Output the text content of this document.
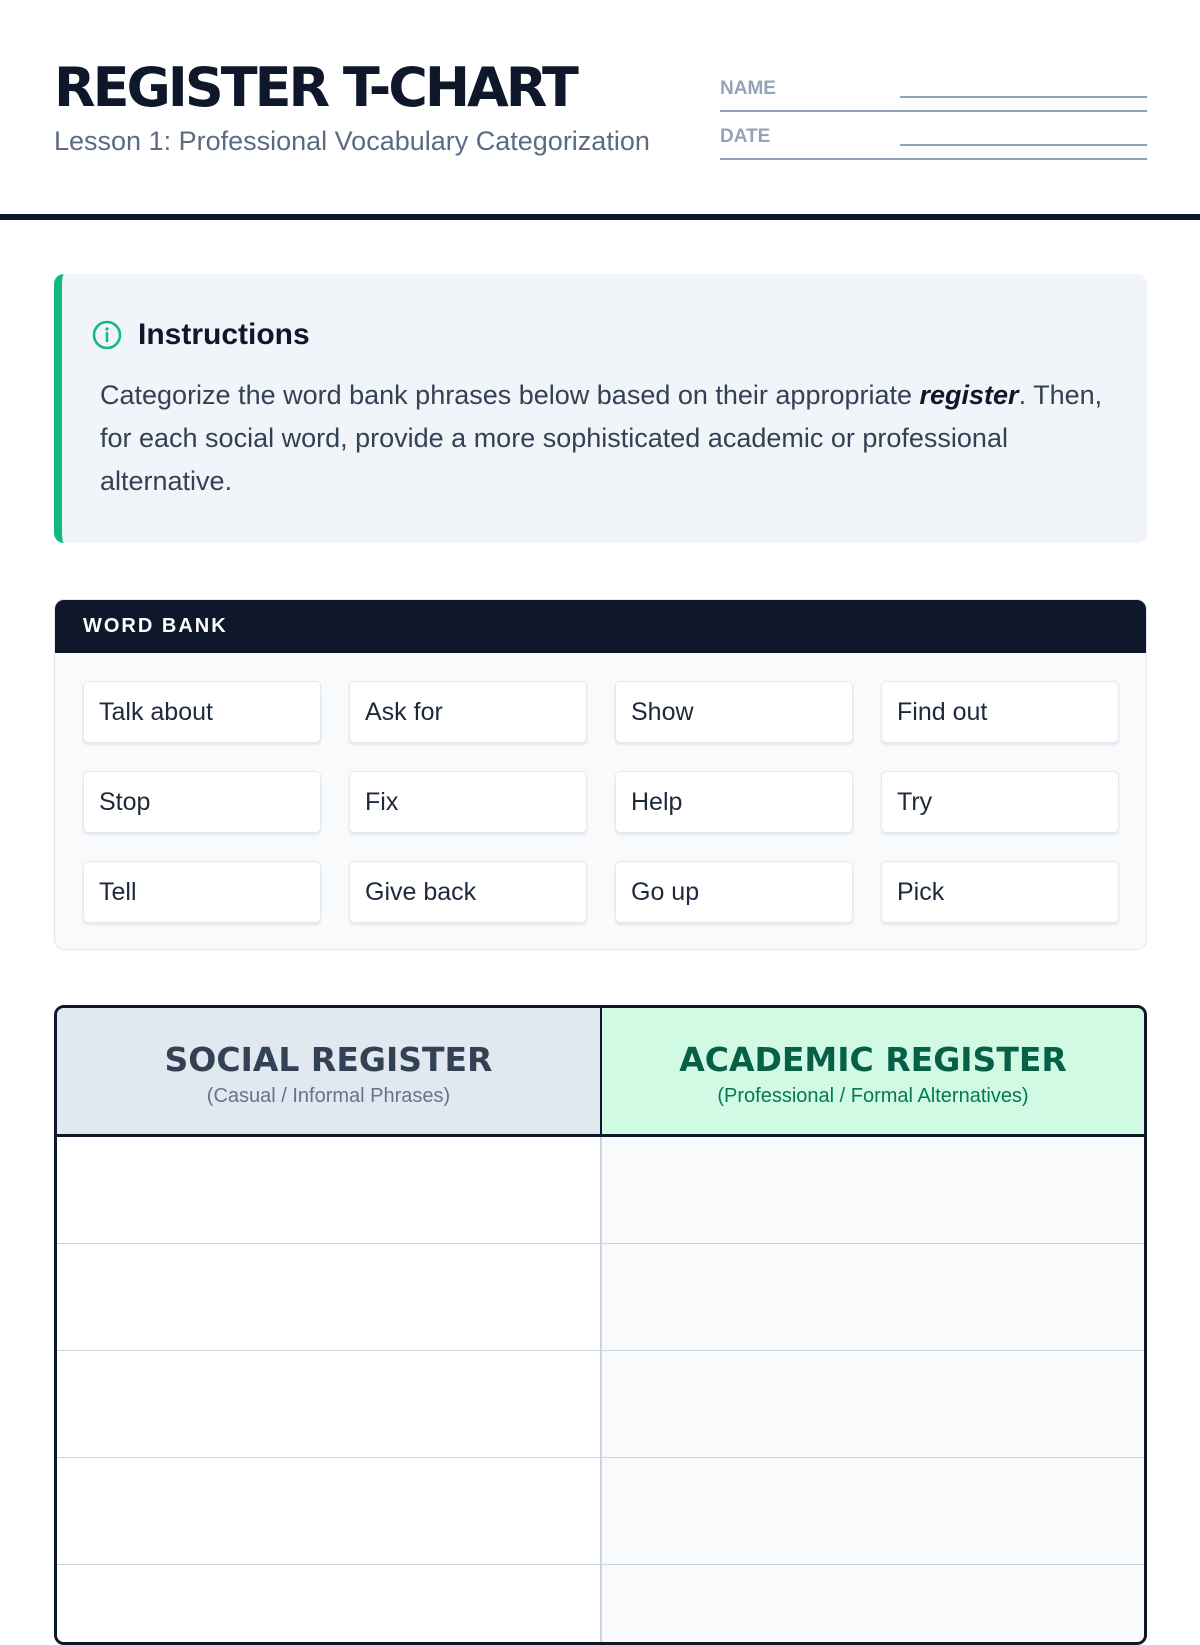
REGISTER T-CHART
Lesson 1: Professional Vocabulary Categorization
NAME
DATE
Instructions
Categorize the word bank phrases below based on their appropriate register. Then, for each social word, provide a more sophisticated academic or professional alternative.
WORD BANK
Talk about	Ask for	Show	Find out
Stop	Fix	Help	Try
Tell	Give back	Go up	Pick
SOCIAL REGISTER
(Casual / Informal Phrases)
ACADEMIC REGISTER
(Professional / Formal Alternatives)
